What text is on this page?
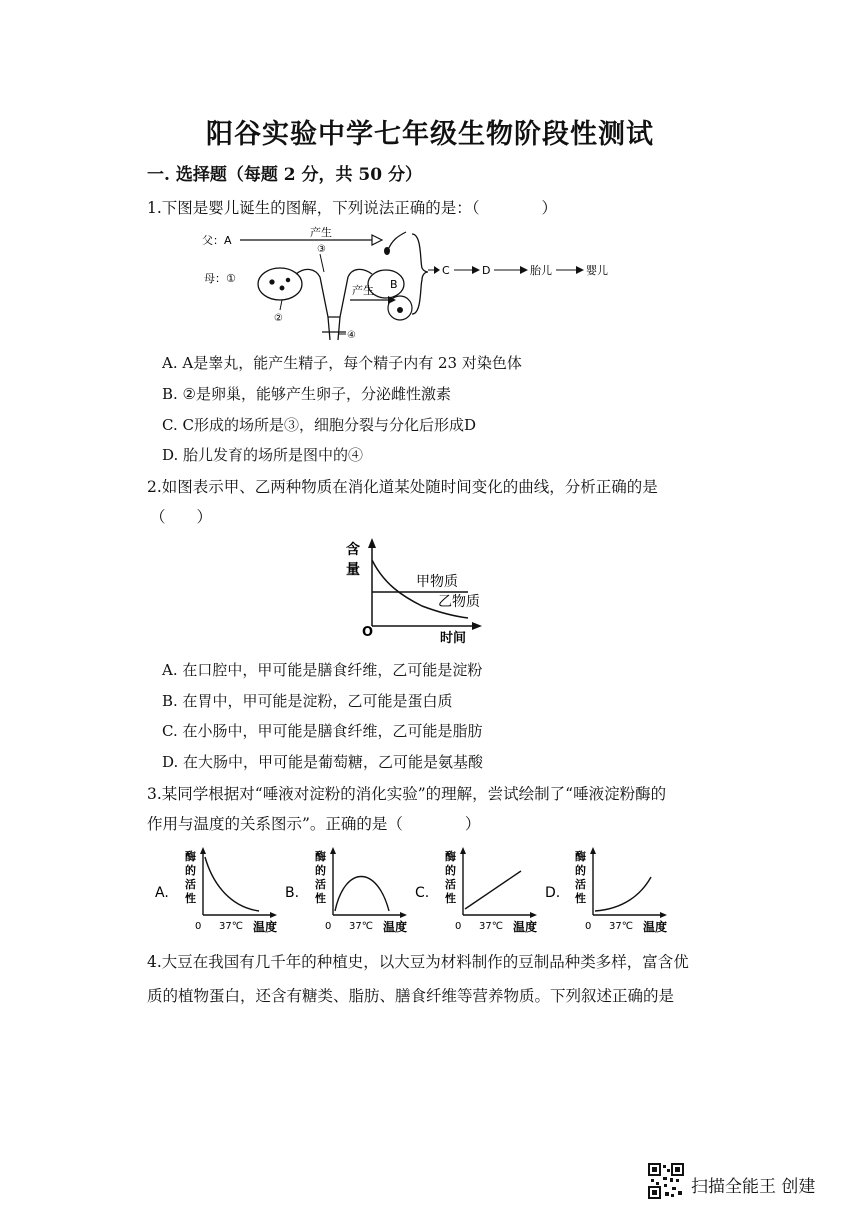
阳谷实验中学七年级生物阶段性测试
一. 选择题（每题 2 分，共 50 分）
1.下图是婴儿诞生的图解，下列说法正确的是：（　　　　）
父：A
产生
母：①
③
②
④
产生 B
C	D	胎儿	婴儿
A. A是睾丸，能产生精子，每个精子内有 23 对染色体
B. ②是卵巢，能够产生卵子，分泌雌性激素
C. C形成的场所是③，细胞分裂与分化后形成D
D. 胎儿发育的场所是图中的④
2.如图表示甲、乙两种物质在消化道某处随时间变化的曲线，分析正确的是
（　　）
含
量
甲物质
乙物质
O	时间
A. 在口腔中，甲可能是膳食纤维，乙可能是淀粉
B. 在胃中，甲可能是淀粉，乙可能是蛋白质
C. 在小肠中，甲可能是膳食纤维，乙可能是脂肪
D. 在大肠中，甲可能是葡萄糖，乙可能是氨基酸
3.某同学根据对“唾液对淀粉的消化实验”的理解，尝试绘制了“唾液淀粉酶的
作用与温度的关系图示”。正确的是（　　　　）
A.
酶
的
活
性
0 37℃ 温度
B.
酶
的
活
性
0 37℃ 温度
C.
酶
的
活
性
0 37℃ 温度
D.
酶
的
活
性
0 37℃ 温度
4.大豆在我国有几千年的种植史，以大豆为材料制作的豆制品种类多样，富含优
质的植物蛋白，还含有糖类、脂肪、膳食纤维等营养物质。下列叙述正确的是
扫描全能王 创建
